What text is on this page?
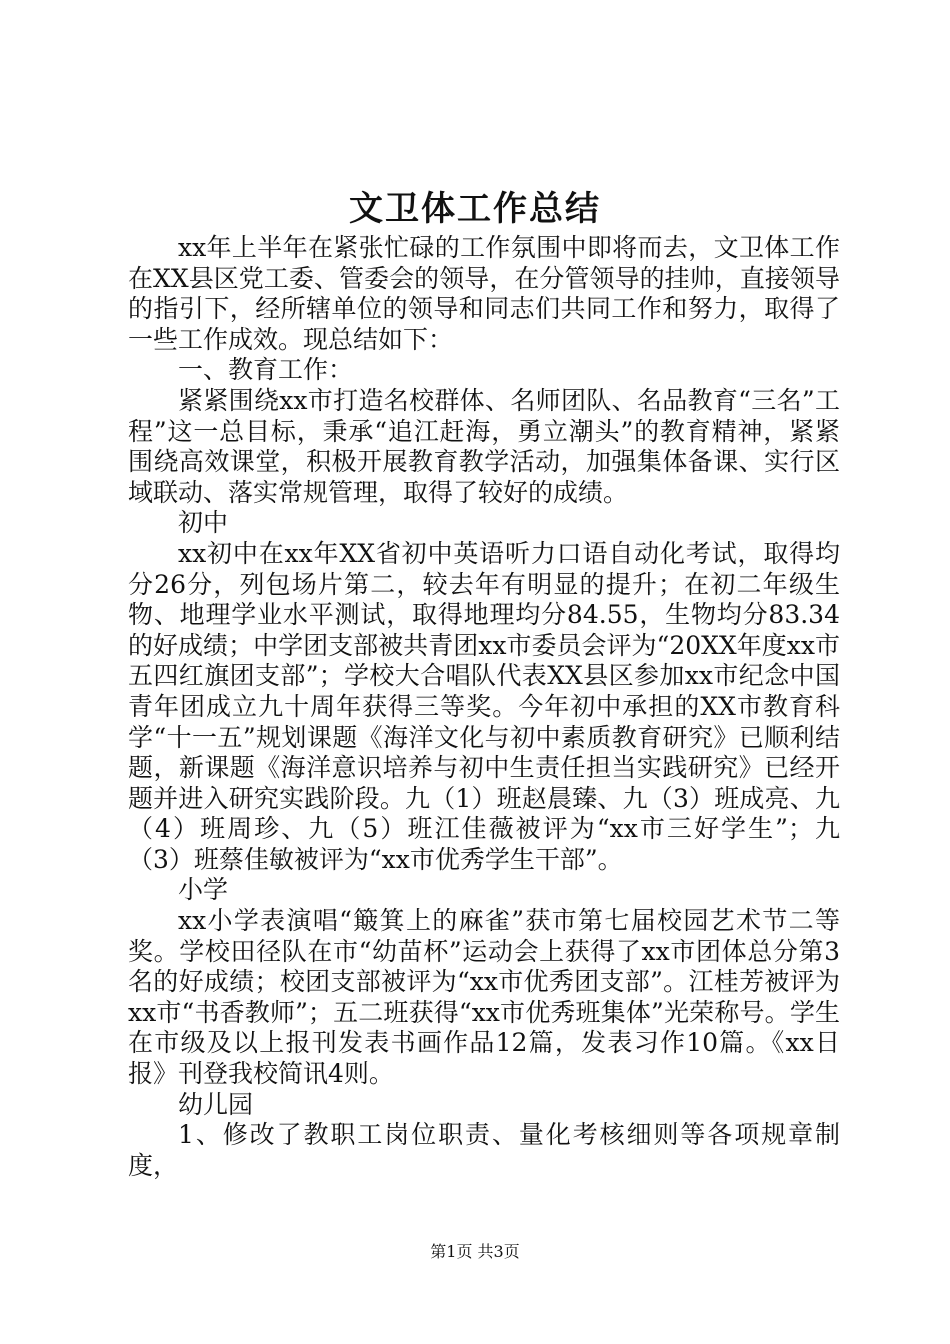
文卫体工作总结

xx年上半年在紧张忙碌的工作氛围中即将而去，文卫体工作在XX县区党工委、管委会的领导，在分管领导的挂帅，直接领导的指引下，经所辖单位的领导和同志们共同工作和努力，取得了一些工作成效。现总结如下：

一、教育工作：

紧紧围绕xx市打造名校群体、名师团队、名品教育“三名”工程”这一总目标，秉承“追江赶海，勇立潮头”的教育精神，紧紧围绕高效课堂，积极开展教育教学活动，加强集体备课、实行区域联动、落实常规管理，取得了较好的成绩。

初中

xx初中在xx年XX省初中英语听力口语自动化考试，取得均分26分，列包场片第二，较去年有明显的提升；在初二年级生物、地理学业水平测试，取得地理均分84.55，生物均分83.34的好成绩；中学团支部被共青团xx市委员会评为“20XX年度xx市五四红旗团支部”；学校大合唱队代表XX县区参加xx市纪念中国青年团成立九十周年获得三等奖。今年初中承担的XX市教育科学“十一五”规划课题《海洋文化与初中素质教育研究》已顺利结题，新课题《海洋意识培养与初中生责任担当实践研究》已经开题并进入研究实践阶段。九（1）班赵晨臻、九（3）班成亮、九（4）班周珍、九（5）班江佳薇被评为“xx市三好学生”；九（3）班蔡佳敏被评为“xx市优秀学生干部”。

小学

xx小学表演唱“簸箕上的麻雀”获市第七届校园艺术节二等奖。学校田径队在市“幼苗杯”运动会上获得了xx市团体总分第3名的好成绩；校团支部被评为“xx市优秀团支部”。江桂芳被评为xx市“书香教师”；五二班获得“xx市优秀班集体”光荣称号。学生在市级及以上报刊发表书画作品12篇，发表习作10篇。《xx日报》刊登我校简讯4则。

幼儿园

1、修改了教职工岗位职责、量化考核细则等各项规章制度，

第1页 共3页
